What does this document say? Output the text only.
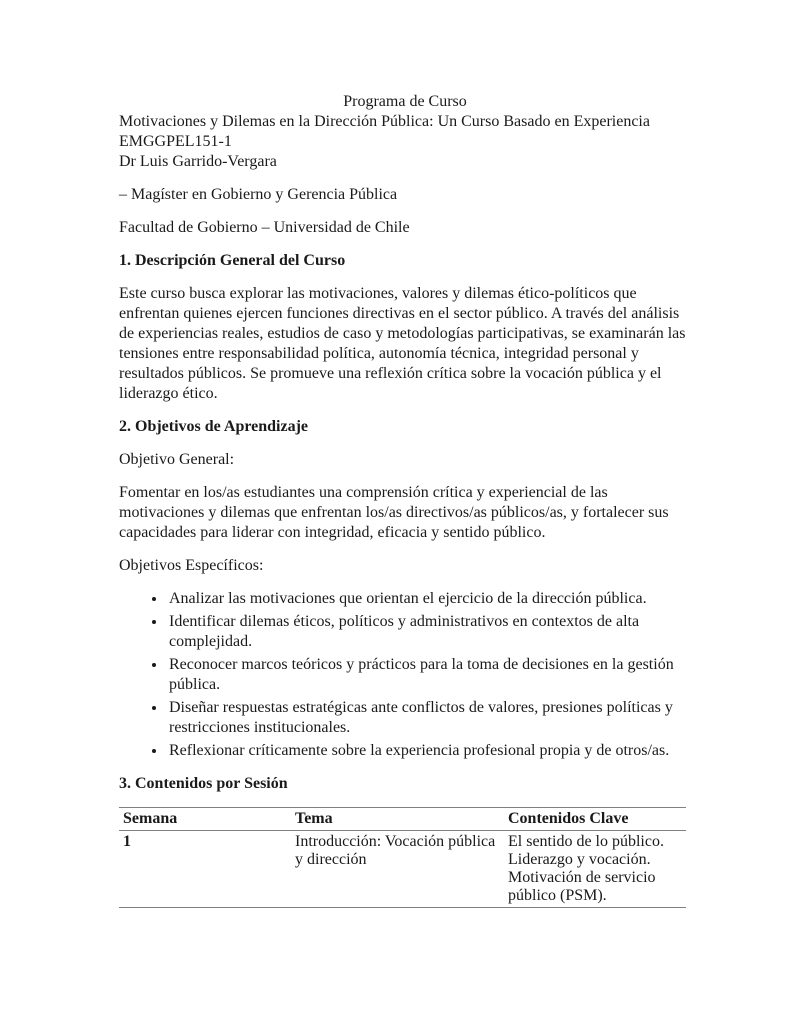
Programa de Curso
Motivaciones y Dilemas en la Dirección Pública: Un Curso Basado en Experiencia
EMGGPEL151-1
Dr Luis Garrido-Vergara

– Magíster en Gobierno y Gerencia Pública

Facultad de Gobierno – Universidad de Chile

1. Descripción General del Curso

Este curso busca explorar las motivaciones, valores y dilemas ético-políticos que enfrentan quienes ejercen funciones directivas en el sector público. A través del análisis de experiencias reales, estudios de caso y metodologías participativas, se examinarán las tensiones entre responsabilidad política, autonomía técnica, integridad personal y resultados públicos. Se promueve una reflexión crítica sobre la vocación pública y el liderazgo ético.

2. Objetivos de Aprendizaje

Objetivo General:

Fomentar en los/as estudiantes una comprensión crítica y experiencial de las motivaciones y dilemas que enfrentan los/as directivos/as públicos/as, y fortalecer sus capacidades para liderar con integridad, eficacia y sentido público.

Objetivos Específicos:

• Analizar las motivaciones que orientan el ejercicio de la dirección pública.
• Identificar dilemas éticos, políticos y administrativos en contextos de alta complejidad.
• Reconocer marcos teóricos y prácticos para la toma de decisiones en la gestión pública.
• Diseñar respuestas estratégicas ante conflictos de valores, presiones políticas y restricciones institucionales.
• Reflexionar críticamente sobre la experiencia profesional propia y de otros/as.

3. Contenidos por Sesión

Semana	Tema	Contenidos Clave
1	Introducción: Vocación pública y dirección	El sentido de lo público. Liderazgo y vocación. Motivación de servicio público (PSM).
